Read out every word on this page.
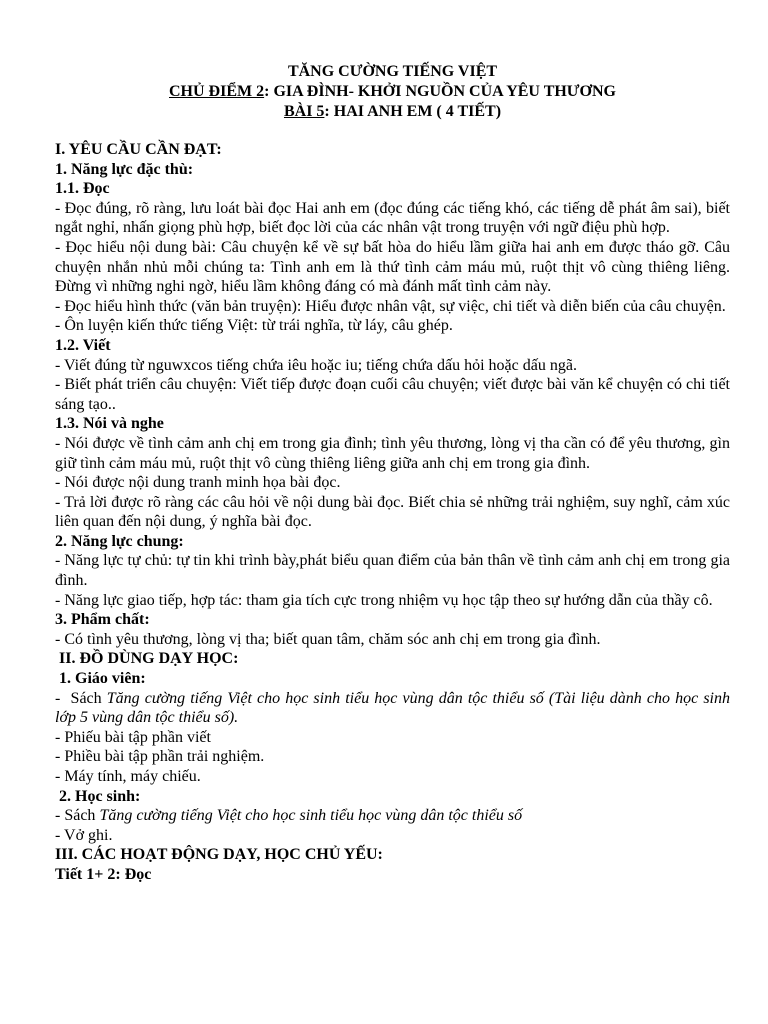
TĂNG CƯỜNG TIẾNG VIỆT

CHỦ ĐIỂM 2: GIA ĐÌNH- KHỞI NGUỒN CỦA YÊU THƯƠNG

BÀI 5: HAI ANH EM ( 4 TIẾT)

I. YÊU CẦU CẦN ĐẠT:

1. Năng lực đặc thù:

1.1. Đọc

- Đọc đúng, rõ ràng, lưu loát bài đọc Hai anh em (đọc đúng các tiếng khó, các tiếng dễ phát âm sai), biết ngắt nghỉ, nhấn giọng phù hợp, biết đọc lời của các nhân vật trong truyện với ngữ điệu phù hợp.

- Đọc hiểu nội dung bài: Câu chuyện kể về sự bất hòa do hiểu lầm giữa hai anh em được tháo gỡ. Câu chuyện nhắn nhủ mỗi chúng ta: Tình anh em là thứ tình cảm máu mủ, ruột thịt vô cùng thiêng liêng. Đừng vì những nghi ngờ, hiểu lầm không đáng có mà đánh mất tình cảm này.

- Đọc hiểu hình thức (văn bản truyện): Hiểu được nhân vật, sự việc, chi tiết và diễn biến của câu chuyện.

- Ôn luyện kiến thức tiếng Việt: từ trái nghĩa, từ láy, câu ghép.

1.2. Viết

- Viết đúng từ nguwxcos tiếng chứa iêu hoặc iu; tiếng chứa dấu hỏi hoặc dấu ngã.

- Biết phát triển câu chuyện: Viết tiếp được đoạn cuối câu chuyện; viết được bài văn kể chuyện có chi tiết sáng tạo..

1.3. Nói và nghe

- Nói được về tình cảm anh chị em trong gia đình; tình yêu thương, lòng vị tha cần có để yêu thương, gìn giữ tình cảm máu mủ, ruột thịt vô cùng thiêng liêng giữa anh chị em trong gia đình.

- Nói được nội dung tranh minh họa bài đọc.

- Trả lời được rõ ràng các câu hỏi về nội dung bài đọc. Biết chia sẻ những trải nghiệm, suy nghĩ, cảm xúc liên quan đến nội dung, ý nghĩa bài đọc.

2. Năng lực chung:

- Năng lực tự chủ: tự tin khi trình bày,phát biểu quan điểm của bản thân về tình cảm anh chị em trong gia đình.

- Năng lực giao tiếp, hợp tác: tham gia tích cực trong nhiệm vụ học tập theo sự hướng dẫn của thầy cô.

3. Phẩm chất:

- Có tình yêu thương, lòng vị tha; biết quan tâm, chăm sóc anh chị em trong gia đình.

II. ĐỒ DÙNG DẠY HỌC:

1. Giáo viên:

-  Sách Tăng cường tiếng Việt cho học sinh tiểu học vùng dân tộc thiểu số (Tài liệu dành cho học sinh lớp 5 vùng dân tộc thiểu số).

- Phiếu bài tập phần viết

- Phiều bài tập phần trải nghiệm.

- Máy tính, máy chiếu.

2. Học sinh:

- Sách Tăng cường tiếng Việt cho học sinh tiểu học vùng dân tộc thiểu số

- Vở ghi.

III. CÁC HOẠT ĐỘNG DẠY, HỌC CHỦ YẾU:

Tiết 1+ 2: Đọc
